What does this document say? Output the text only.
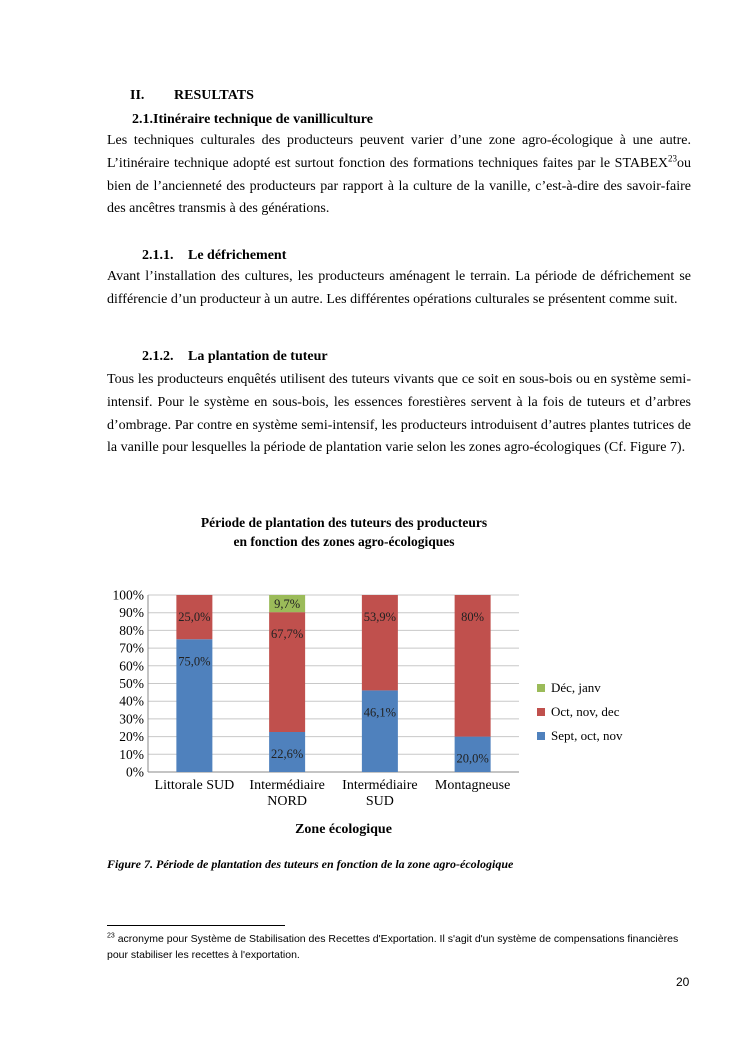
II. RESULTATS
2.1.Itinéraire technique de vanilliculture

Les techniques culturales des producteurs peuvent varier d’une zone agro-écologique à une autre. L’itinéraire technique adopté est surtout fonction des formations techniques faites par le STABEX$^{23}$ou bien de l’ancienneté des producteurs par rapport à la culture de la vanille, c’est-à-dire des savoir-faire des ancêtres transmis à des générations.

2.1.1. Le défrichement

Avant l’installation des cultures, les producteurs aménagent le terrain. La période de défrichement se différencie d’un producteur à un autre. Les différentes opérations culturales se présentent comme suit.

2.1.2. La plantation de tuteur

Tous les producteurs enquêtés utilisent des tuteurs vivants que ce soit en sous-bois ou en système semi-intensif. Pour le système en sous-bois, les essences forestières servent à la fois de tuteurs et d’arbres d’ombrage. Par contre en système semi-intensif, les producteurs introduisent d’autres plantes tutrices de la vanille pour lesquelles la période de plantation varie selon les zones agro-écologiques (Cf. Figure 7).

Période de plantation des tuteurs des producteurs
en fonction des zones agro-écologiques
0%
10%
20%
30%
40%
50%
60%
70%
80%
90%
100%
75,0%
25,0%
Littorale SUD
22,6%
67,7%
9,7%
Intermédiaire
NORD
46,1%
53,9%
Intermédiaire
SUD
20,0%
80%
Montagneuse
Zone écologique
Déc, janv
Oct, nov, dec
Sept, oct, nov
Figure 7. Période de plantation des tuteurs en fonction de la zone agro-écologique
$^{23}$ acronyme pour Système de Stabilisation des Recettes d'Exportation. Il s'agit d'un système de compensations financières pour stabiliser les recettes à l'exportation.
20
